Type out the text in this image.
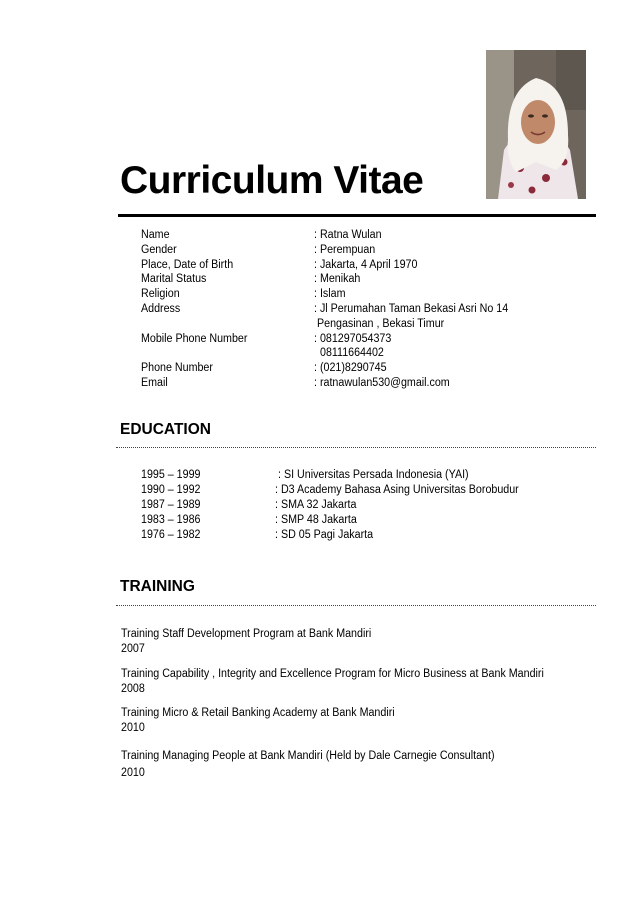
Curriculum Vitae
Name	: Ratna Wulan
Gender	: Perempuan
Place, Date of Birth	: Jakarta, 4 April 1970
Marital Status	: Menikah
Religion	: Islam
Address	: Jl Perumahan Taman Bekasi Asri No 14
Pengasinan , Bekasi Timur
Mobile Phone Number	: 081297054373
08111664402
Phone Number	: (021)8290745
Email	: ratnawulan530@gmail.com
EDUCATION
1995 – 1999	: SI Universitas Persada Indonesia (YAI)
1990 – 1992	: D3 Academy Bahasa Asing Universitas Borobudur
1987 – 1989	: SMA 32 Jakarta
1983 – 1986	: SMP 48 Jakarta
1976 – 1982	: SD 05 Pagi Jakarta
TRAINING
Training Staff Development Program at Bank Mandiri
2007
Training Capability , Integrity and Excellence Program for Micro Business at Bank Mandiri
2008
Training Micro & Retail Banking Academy at Bank Mandiri
2010
Training Managing People at Bank Mandiri (Held by Dale Carnegie Consultant)
2010
